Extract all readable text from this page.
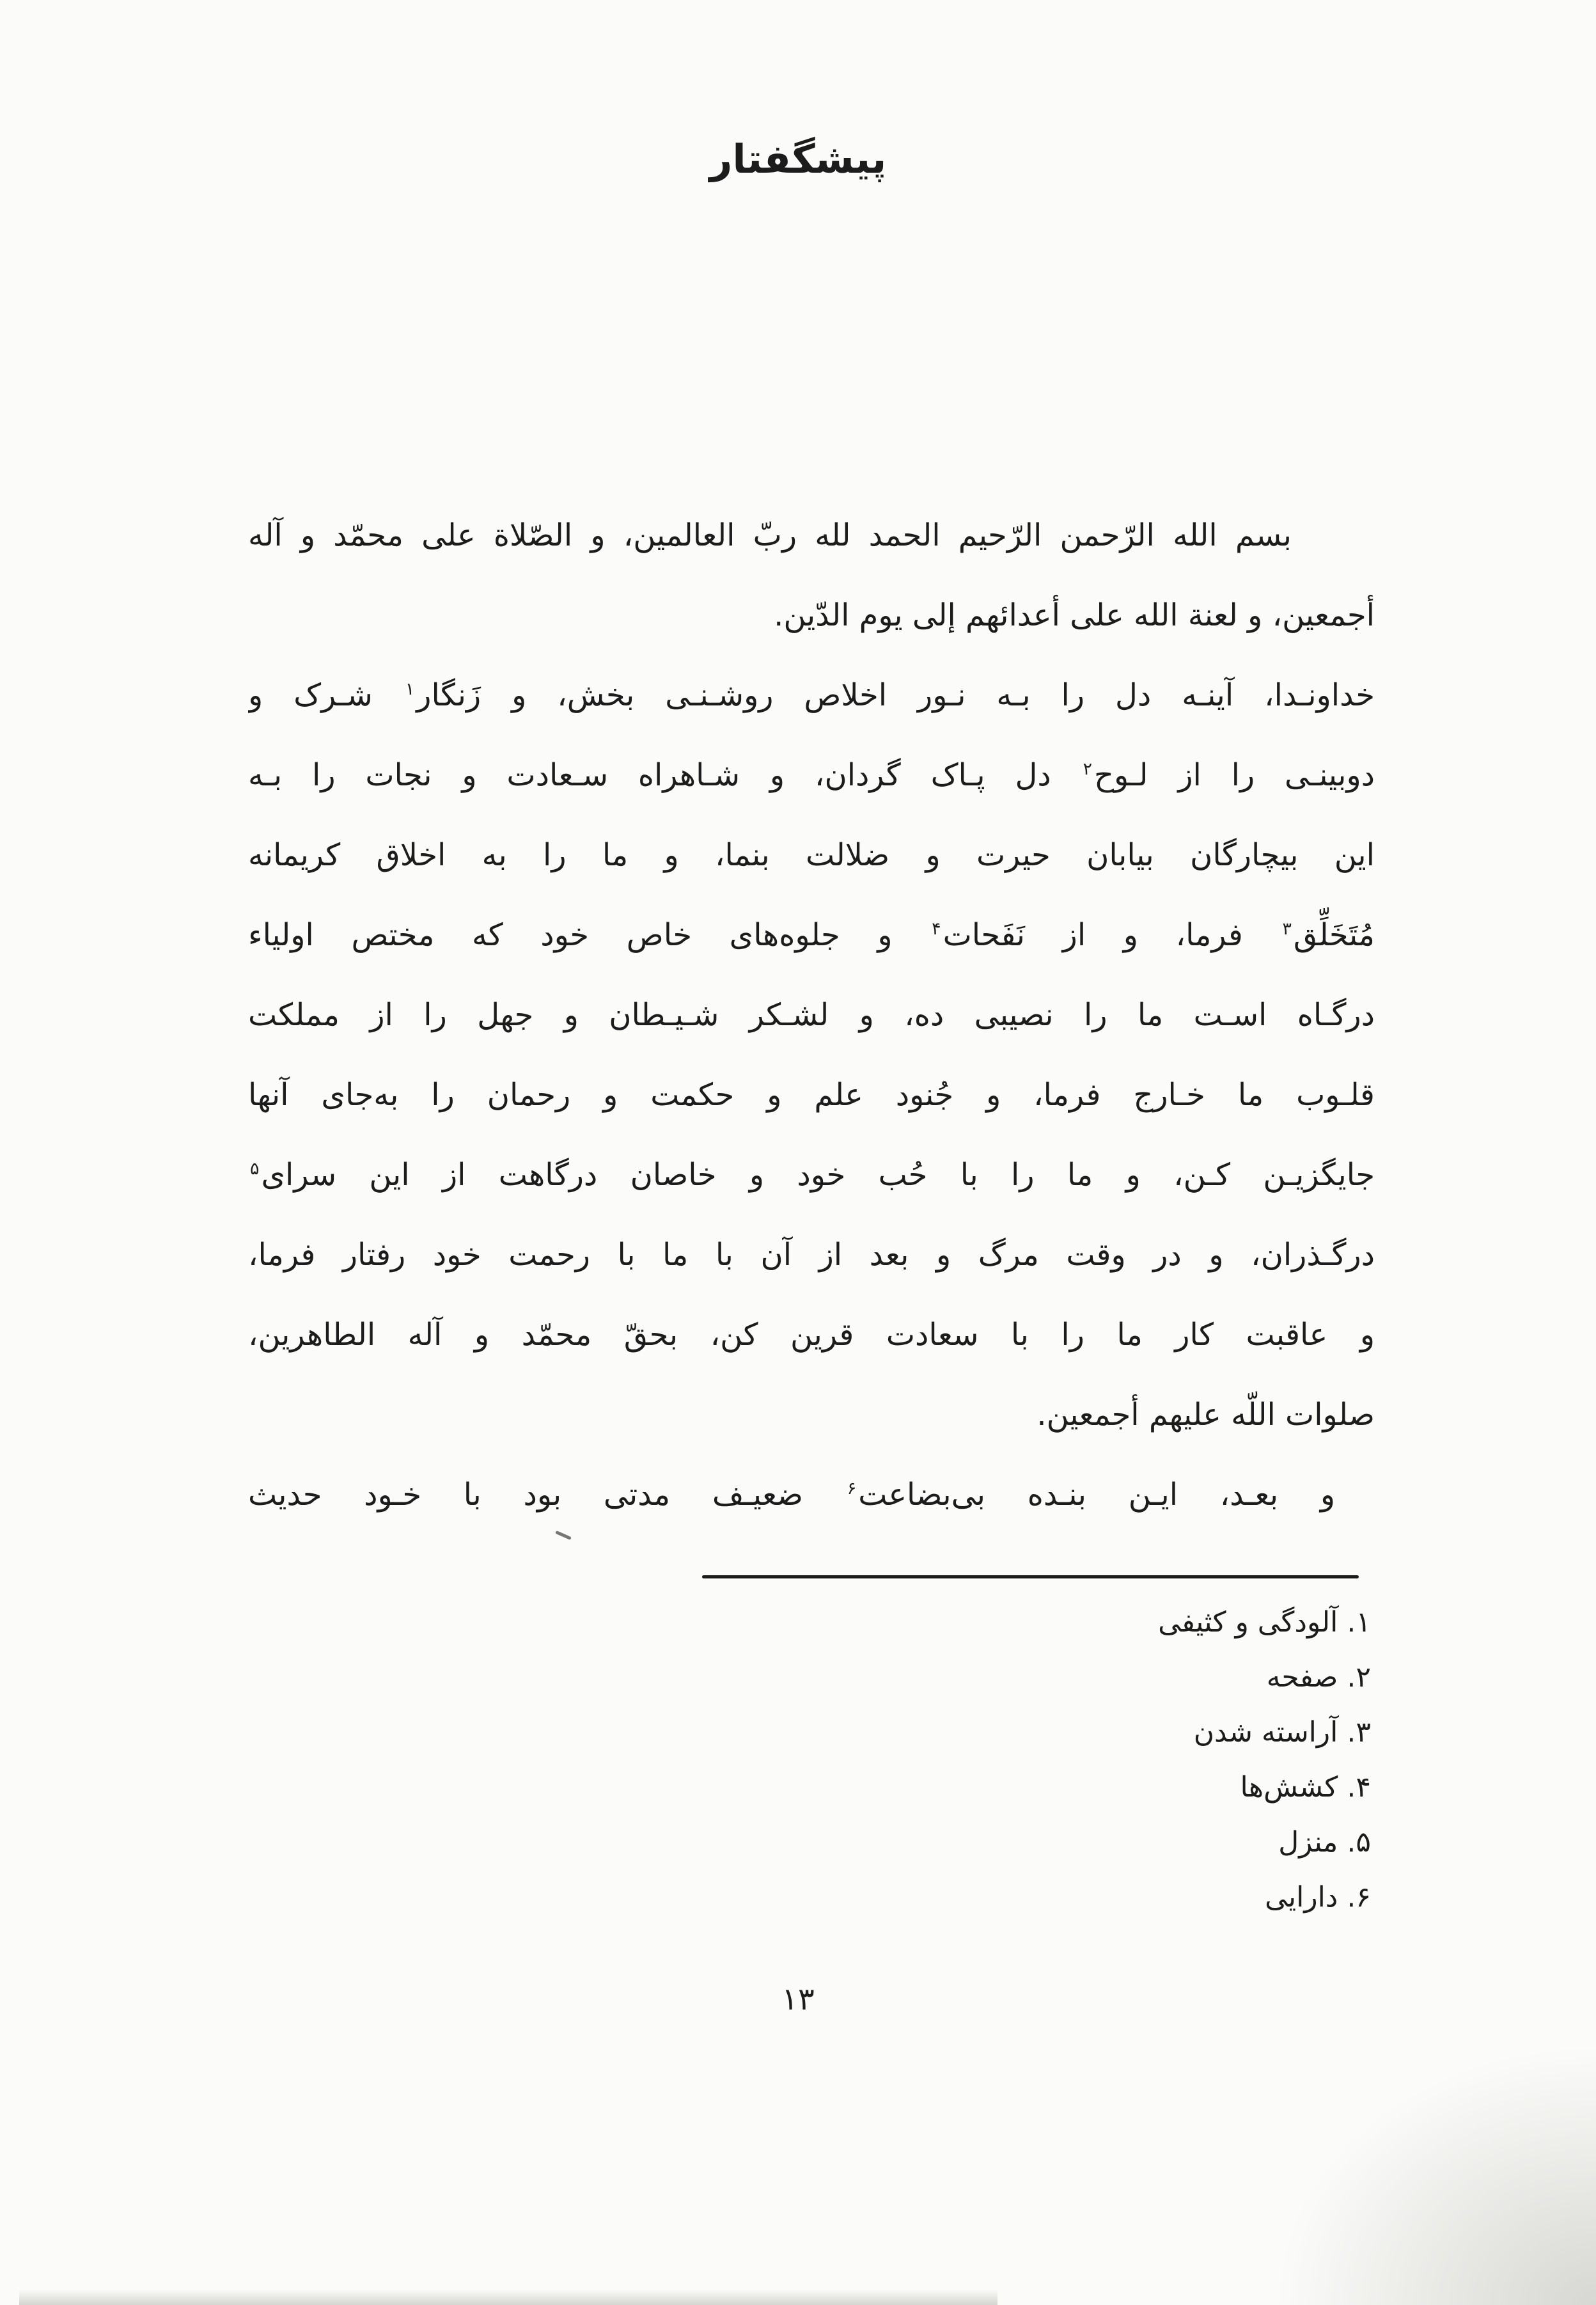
پیشگفتار
بسم الله الرّحمن الرّحیم الحمد لله ربّ العالمین، و الصّلاة علی محمّد و آله
أجمعین، و لعنة الله علی أعدائهم إلی یوم الدّین.
خداونـدا، آینـه دل را بـه نـور اخلاص روشـنـی بخش، و زَنگار$^۱$ شـرک و
دوبینـی را از لـوح$^۲$ دل پـاک گردان، و شـاهراه سـعادت و نجات را بـه
این بیچارگان بیابان حیرت و ضلالت بنما، و ما را به اخلاق کریمانه
مُتَخَلِّق$^۳$ فرما، و از نَفَحات$^۴$ و جلوه‌های خاص خود که مختص اولیاء
درگـاه اسـت ما را نصیبی ده، و لشـکر شـیـطان و جهل را از مملکت
قلـوب ما خـارج فرما، و جُنود علم و حکمت و رحمان را به‌جای آنها
جایگزیـن کـن، و ما را با حُب خود و خاصان درگاهت از این سرای$^۵$
درگـذران، و در وقت مرگ و بعد از آن با ما با رحمت خود رفتار فرما،
و عاقبت کار ما را با سعادت قرین کن، بحقّ محمّد و آله الطاهرین،
صلوات اللّه علیهم أجمعین.
و بعـد، ایـن بنـده بی‌بضاعت$^۶$ ضعیـف مدتی بود با خـود حدیث
۱. آلودگی و کثیفی
۲. صفحه
۳. آراسته شدن
۴. کشش‌ها
۵. منزل
۶. دارایی
۱۳
